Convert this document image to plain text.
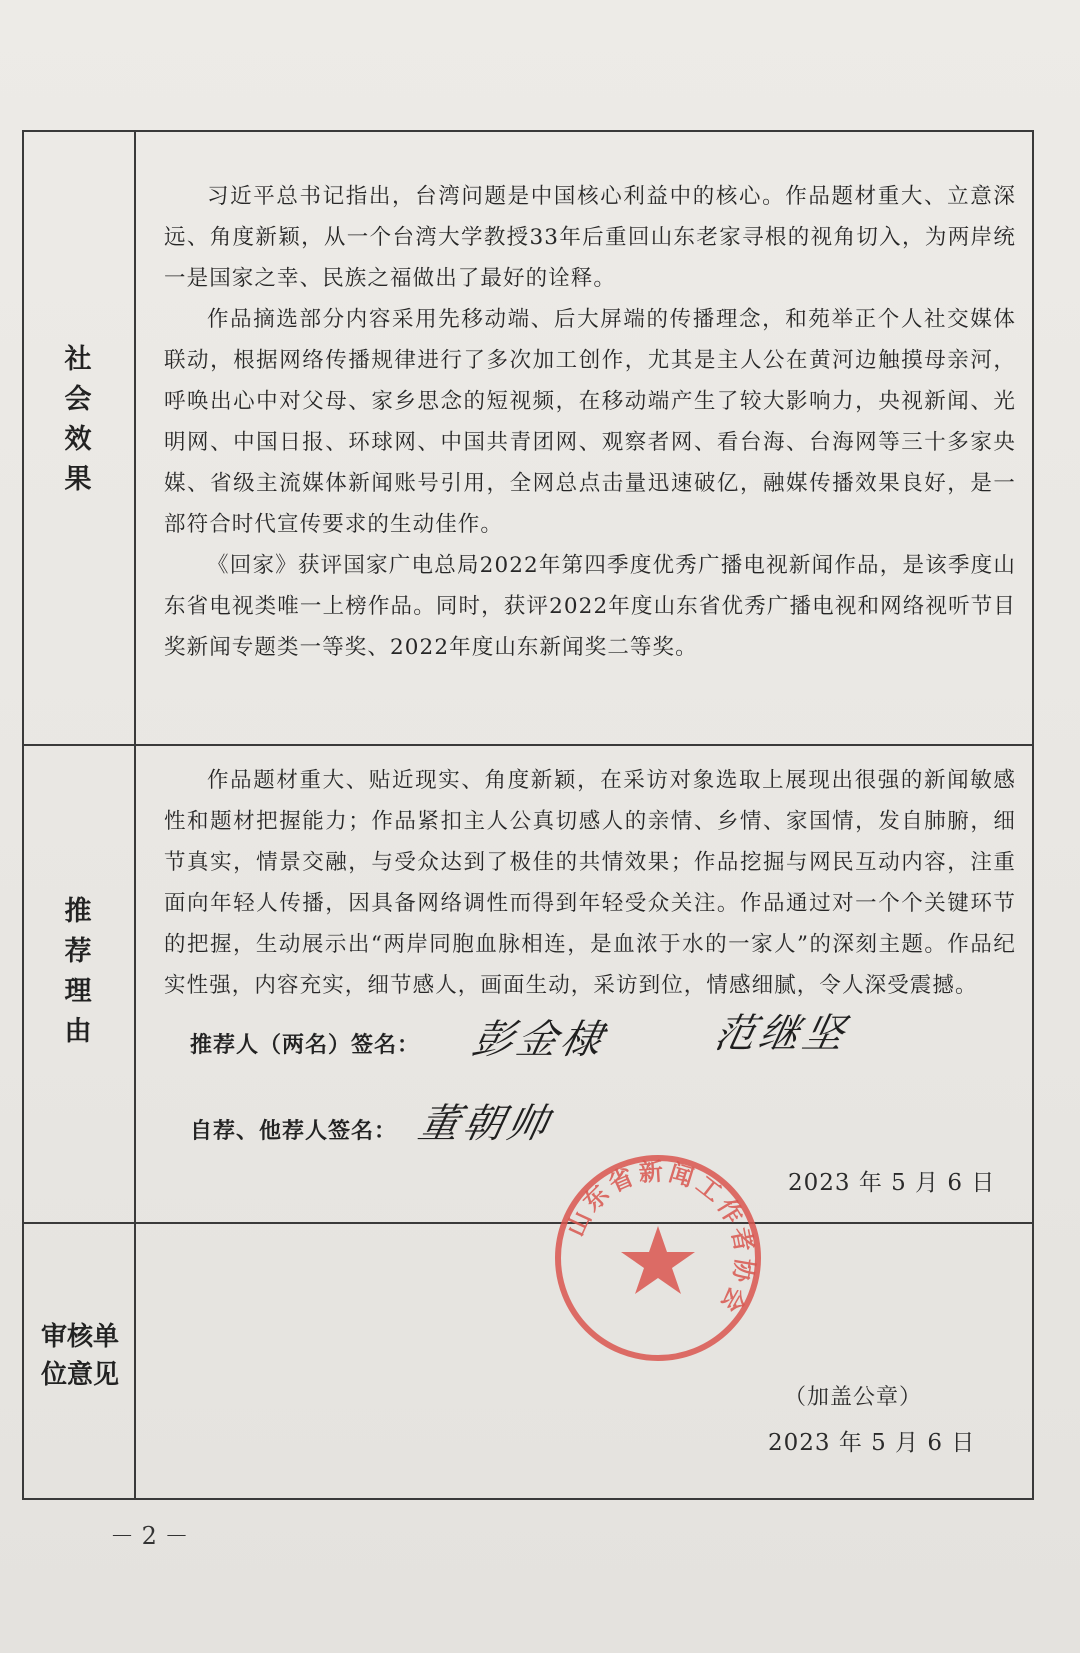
社会效果

习近平总书记指出，台湾问题是中国核心利益中的核心。作品题材重大、立意深远、角度新颖，从一个台湾大学教授33年后重回山东老家寻根的视角切入，为两岸统一是国家之幸、民族之福做出了最好的诠释。

作品摘选部分内容采用先移动端、后大屏端的传播理念，和苑举正个人社交媒体联动，根据网络传播规律进行了多次加工创作，尤其是主人公在黄河边触摸母亲河，呼唤出心中对父母、家乡思念的短视频，在移动端产生了较大影响力，央视新闻、光明网、中国日报、环球网、中国共青团网、观察者网、看台海、台海网等三十多家央媒、省级主流媒体新闻账号引用，全网总点击量迅速破亿，融媒传播效果良好，是一部符合时代宣传要求的生动佳作。

《回家》获评国家广电总局2022年第四季度优秀广播电视新闻作品，是该季度山东省电视类唯一上榜作品。同时，获评2022年度山东省优秀广播电视和网络视听节目奖新闻专题类一等奖、2022年度山东新闻奖二等奖。

推荐理由

作品题材重大、贴近现实、角度新颖，在采访对象选取上展现出很强的新闻敏感性和题材把握能力；作品紧扣主人公真切感人的亲情、乡情、家国情，发自肺腑，细节真实，情景交融，与受众达到了极佳的共情效果；作品挖掘与网民互动内容，注重面向年轻人传播，因具备网络调性而得到年轻受众关注。作品通过对一个个关键环节的把握，生动展示出“两岸同胞血脉相连，是血浓于水的一家人”的深刻主题。作品纪实性强，内容充实，细节感人，画面生动，采访到位，情感细腻，令人深受震撼。

推荐人（两名）签名： 彭金棣	范继坚
自荐、他荐人签名： 董朝帅
2023 年 5 月 6 日
审核单位意见
（加盖公章）
2023 年 5 月 6 日
山东省新闻工作者协会
－ 2 －
